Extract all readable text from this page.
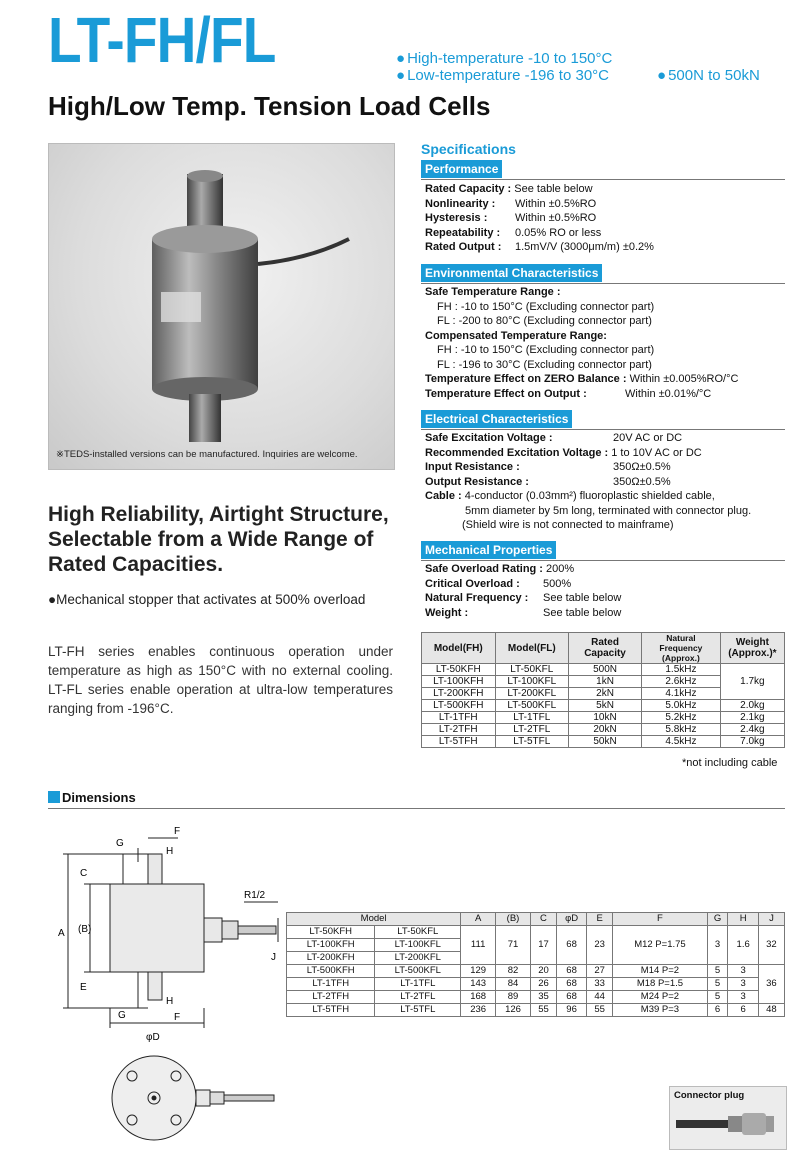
LT-FH/FL	● High-temperature -10 to 150°C
● Low-temperature -196 to 30°C	● 500N to 50kN
High/Low Temp. Tension Load Cells
※TEDS-installed versions can be manufactured. Inquiries are welcome.
High Reliability, Airtight Structure,
Selectable from a Wide Range of
Rated Capacities.
●Mechanical stopper that activates at 500% overload
LT-FH series enables continuous operation under temperature as high as 150°C with no external cooling. LT-FL series enable operation at ultra-low temperatures ranging from -196°C.
Specifications
Performance
Rated Capacity : See table below
Nonlinearity : Within ±0.5%RO
Hysteresis :	Within ±0.5%RO
Repeatability : 0.05% RO or less
Rated Output : 1.5mV/V (3000μm/m) ±0.2%
Environmental Characteristics
Safe Temperature Range :
FH : -10 to 150°C (Excluding connector part)
FL : -200 to 80°C (Excluding connector part)
Compensated Temperature Range:
FH : -10 to 150°C (Excluding connector part)
FL : -196 to 30°C (Excluding connector part)
Temperature Effect on ZERO Balance : Within ±0.005%RO/°C
Temperature Effect on Output :	Within ±0.01%/°C
Electrical Characteristics
Safe Excitation Voltage :	20V AC or DC
Recommended Excitation Voltage : 1 to 10V AC or DC
Input Resistance :	350Ω±0.5%
Output Resistance :	350Ω±0.5%
Cable : 4-conductor (0.03mm²) fluoroplastic shielded cable,
5mm diameter by 5m long, terminated with connector plug.
(Shield wire is not connected to mainframe)
Mechanical Properties
Safe Overload Rating : 200%
Critical Overload : 500%
Natural Frequency : See table below
Weight :	See table below
Model(FH)	Model(FL)	Rated Capacity	Natural Frequency (Approx.)	Weight (Approx.)*
LT-50KFH	LT-50KFL	500N	1.5kHz	1.7kg
LT-100KFH	LT-100KFL	1kN	2.6kHz	
LT-200KFH	LT-200KFL	2kN	4.1kHz	
LT-500KFH	LT-500KFL	5kN	5.0kHz	2.0kg
LT-1TFH	LT-1TFL	10kN	5.2kHz	2.1kg
LT-2TFH	LT-2TFL	20kN	5.8kHz	2.4kg
LT-5TFH	LT-5TFL	50kN	4.5kHz	7.0kg
*not including cable
Dimensions
A (B)
C
E
G
G
F
F
H
H
J
R1/2
φD
Model		A	(B)	C	φD	E	F	G	H	J
LT-50KFH	LT-50KFL	111	71	17	68	23	M12 P=1.75	3	1.6	32
LT-100KFH	LT-100KFL									
LT-200KFH	LT-200KFL									
LT-500KFH	LT-500KFL	129	82	20	68	27	M14 P=2	5	3	36
LT-1TFH	LT-1TFL	143	84	26	68	33	M18 P=1.5	5	3	
LT-2TFH	LT-2TFL	168	89	35	68	44	M24 P=2	5	3	
LT-5TFH	LT-5TFL	236	126	55	96	55	M39 P=3	6	6	48
Connector plug
